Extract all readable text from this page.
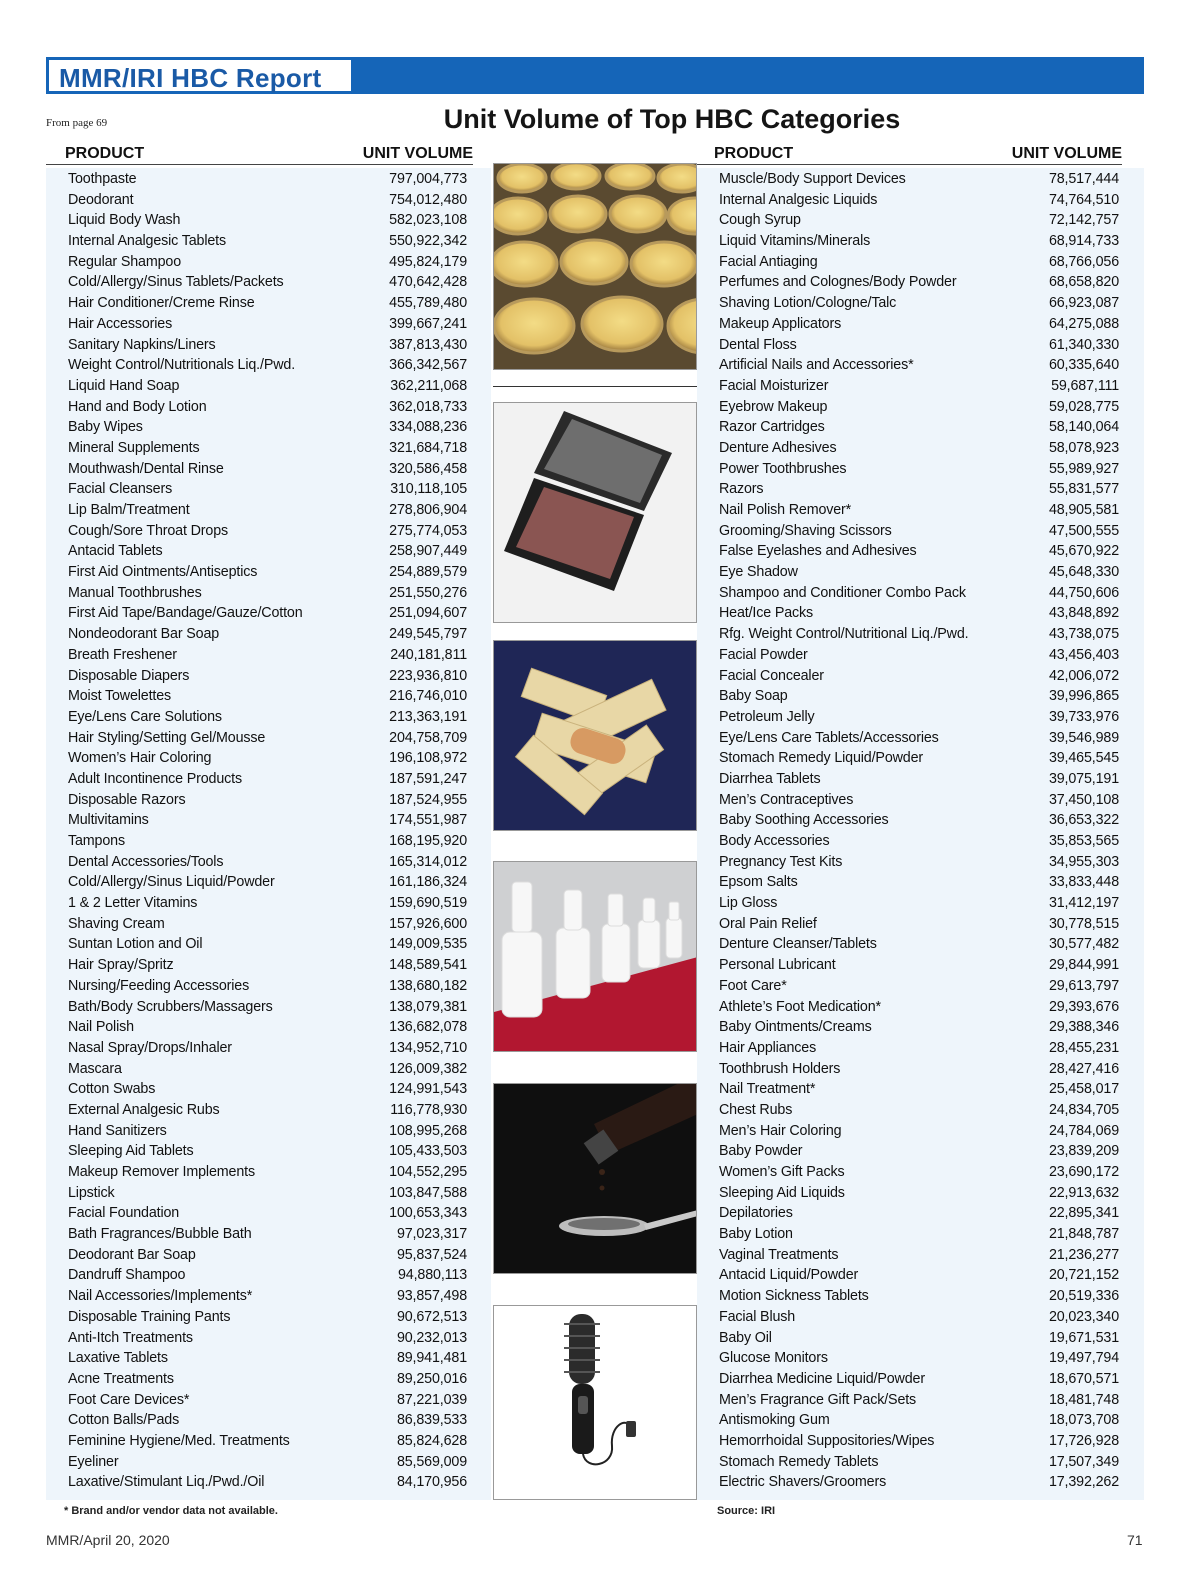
MMR/IRI HBC Report
From page 69	Unit Volume of Top HBC Categories
PRODUCT	UNIT VOLUME	PRODUCT	UNIT VOLUME
Toothpaste	797,004,773
Deodorant	754,012,480
Liquid Body Wash	582,023,108
Internal Analgesic Tablets	550,922,342
Regular Shampoo	495,824,179
Cold/Allergy/Sinus Tablets/Packets	470,642,428
Hair Conditioner/Creme Rinse	455,789,480
Hair Accessories	399,667,241
Sanitary Napkins/Liners	387,813,430
Weight Control/Nutritionals Liq./Pwd.	366,342,567
Liquid Hand Soap	362,211,068
Hand and Body Lotion	362,018,733
Baby Wipes	334,088,236
Mineral Supplements	321,684,718
Mouthwash/Dental Rinse	320,586,458
Facial Cleansers	310,118,105
Lip Balm/Treatment	278,806,904
Cough/Sore Throat Drops	275,774,053
Antacid Tablets	258,907,449
First Aid Ointments/Antiseptics	254,889,579
Manual Toothbrushes	251,550,276
First Aid Tape/Bandage/Gauze/Cotton	251,094,607
Nondeodorant Bar Soap	249,545,797
Breath Freshener	240,181,811
Disposable Diapers	223,936,810
Moist Towelettes	216,746,010
Eye/Lens Care Solutions	213,363,191
Hair Styling/Setting Gel/Mousse	204,758,709
Women’s Hair Coloring	196,108,972
Adult Incontinence Products	187,591,247
Disposable Razors	187,524,955
Multivitamins	174,551,987
Tampons	168,195,920
Dental Accessories/Tools	165,314,012
Cold/Allergy/Sinus Liquid/Powder	161,186,324
1 & 2 Letter Vitamins	159,690,519
Shaving Cream	157,926,600
Suntan Lotion and Oil	149,009,535
Hair Spray/Spritz	148,589,541
Nursing/Feeding Accessories	138,680,182
Bath/Body Scrubbers/Massagers	138,079,381
Nail Polish	136,682,078
Nasal Spray/Drops/Inhaler	134,952,710
Mascara	126,009,382
Cotton Swabs	124,991,543
External Analgesic Rubs	116,778,930
Hand Sanitizers	108,995,268
Sleeping Aid Tablets	105,433,503
Makeup Remover Implements	104,552,295
Lipstick	103,847,588
Facial Foundation	100,653,343
Bath Fragrances/Bubble Bath	97,023,317
Deodorant Bar Soap	95,837,524
Dandruff Shampoo	94,880,113
Nail Accessories/Implements*	93,857,498
Disposable Training Pants	90,672,513
Anti-Itch Treatments	90,232,013
Laxative Tablets	89,941,481
Acne Treatments	89,250,016
Foot Care Devices*	87,221,039
Cotton Balls/Pads	86,839,533
Feminine Hygiene/Med. Treatments	85,824,628
Eyeliner	85,569,009
Laxative/Stimulant Liq./Pwd./Oil	84,170,956
Muscle/Body Support Devices	78,517,444
Internal Analgesic Liquids	74,764,510
Cough Syrup	72,142,757
Liquid Vitamins/Minerals	68,914,733
Facial Antiaging	68,766,056
Perfumes and Colognes/Body Powder	68,658,820
Shaving Lotion/Cologne/Talc	66,923,087
Makeup Applicators	64,275,088
Dental Floss	61,340,330
Artificial Nails and Accessories*	60,335,640
Facial Moisturizer	59,687,111
Eyebrow Makeup	59,028,775
Razor Cartridges	58,140,064
Denture Adhesives	58,078,923
Power Toothbrushes	55,989,927
Razors	55,831,577
Nail Polish Remover*	48,905,581
Grooming/Shaving Scissors	47,500,555
False Eyelashes and Adhesives	45,670,922
Eye Shadow	45,648,330
Shampoo and Conditioner Combo Pack	44,750,606
Heat/Ice Packs	43,848,892
Rfg. Weight Control/Nutritional Liq./Pwd.	43,738,075
Facial Powder	43,456,403
Facial Concealer	42,006,072
Baby Soap	39,996,865
Petroleum Jelly	39,733,976
Eye/Lens Care Tablets/Accessories	39,546,989
Stomach Remedy Liquid/Powder	39,465,545
Diarrhea Tablets	39,075,191
Men’s Contraceptives	37,450,108
Baby Soothing Accessories	36,653,322
Body Accessories	35,853,565
Pregnancy Test Kits	34,955,303
Epsom Salts	33,833,448
Lip Gloss	31,412,197
Oral Pain Relief	30,778,515
Denture Cleanser/Tablets	30,577,482
Personal Lubricant	29,844,991
Foot Care*	29,613,797
Athlete’s Foot Medication*	29,393,676
Baby Ointments/Creams	29,388,346
Hair Appliances	28,455,231
Toothbrush Holders	28,427,416
Nail Treatment*	25,458,017
Chest Rubs	24,834,705
Men’s Hair Coloring	24,784,069
Baby Powder	23,839,209
Women’s Gift Packs	23,690,172
Sleeping Aid Liquids	22,913,632
Depilatories	22,895,341
Baby Lotion	21,848,787
Vaginal Treatments	21,236,277
Antacid Liquid/Powder	20,721,152
Motion Sickness Tablets	20,519,336
Facial Blush	20,023,340
Baby Oil	19,671,531
Glucose Monitors	19,497,794
Diarrhea Medicine Liquid/Powder	18,670,571
Men’s Fragrance Gift Pack/Sets	18,481,748
Antismoking Gum	18,073,708
Hemorrhoidal Suppositories/Wipes	17,726,928
Stomach Remedy Tablets	17,507,349
Electric Shavers/Groomers	17,392,262
* Brand and/or vendor data not available.	Source: IRI
MMR/April 20, 2020	71
